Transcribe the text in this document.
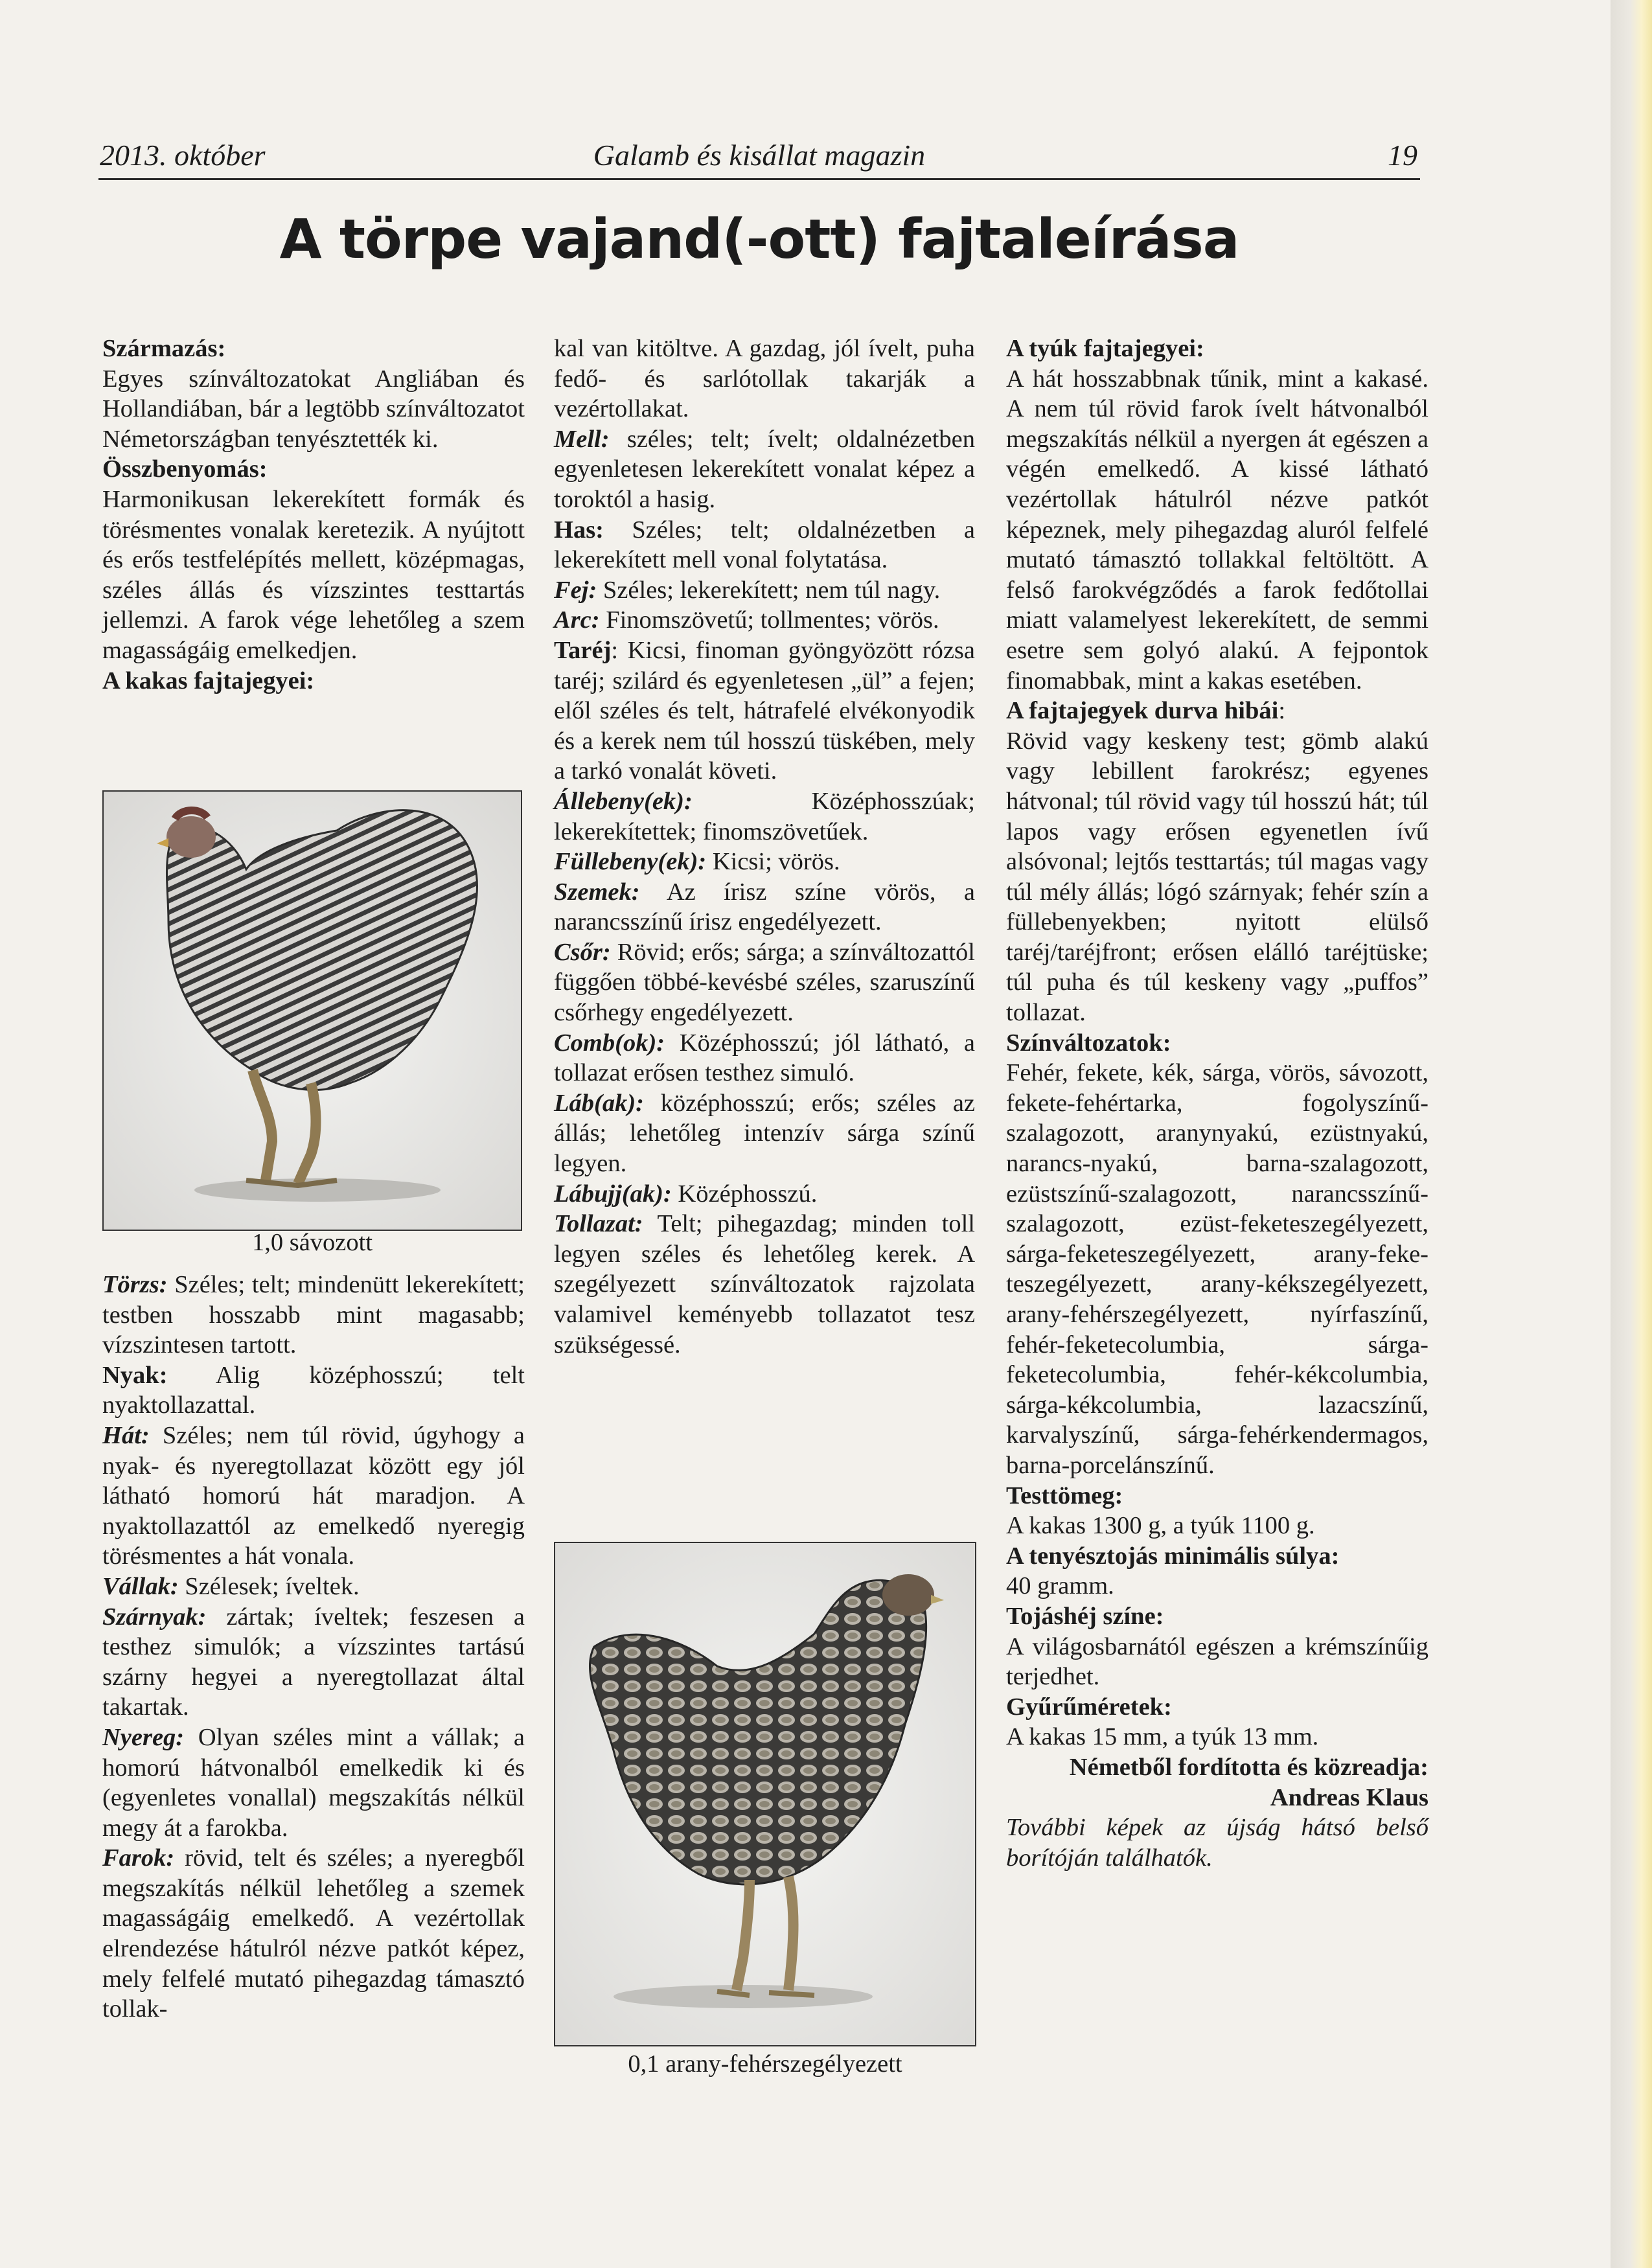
2013. október	Galamb és kisállat magazin	19
A törpe vajand(-ott) fajtaleírása

Származás:

Egyes színváltozatokat Angliában és Hollandiában, bár a legtöbb színváltozatot Németországban tenyésztették ki.

Összbenyomás:

Harmonikusan lekerekített formák és törésmentes vonalak keretezik. A nyújtott és erős testfelépítés mellett, középmagas, széles állás és vízszintes testtartás jellemzi. A farok vége lehetőleg a szem magasságáig emelkedjen.

A kakas fajtajegyei:

1,0 sávozott

Törzs: Széles; telt; mindenütt lekerekített; testben hosszabb mint magasabb; vízszintesen tartott.

Nyak: Alig középhosszú; telt nyaktollazattal.

Hát: Széles; nem túl rövid, úgyhogy a nyak- és nyeregtollazat között egy jól látható homorú hát maradjon. A nyaktollazattól az emelkedő nyeregig törésmentes a hát vonala.

Vállak: Szélesek; íveltek.

Szárnyak: zártak; íveltek; feszesen a testhez simulók; a vízszintes tartású szárny hegyei a nyeregtollazat által takartak.

Nyereg: Olyan széles mint a vállak; a homorú hátvonalból emelkedik ki és (egyenletes vonallal) megszakítás nélkül megy át a farokba.

Farok: rövid, telt és széles; a nyeregből megszakítás nélkül lehetőleg a szemek magasságáig emelkedő. A vezértollak elrendezése hátulról nézve patkót képez, mely felfelé mutató pihegazdag támasztó tollak-

kal van kitöltve. A gazdag, jól ívelt, puha fedő- és sarlótollak takarják a vezértollakat.

Mell: széles; telt; ívelt; oldalnézetben egyenletesen lekerekített vonalat képez a toroktól a hasig.

Has: Széles; telt; oldalnézetben a lekerekített mell vonal folytatása.

Fej: Széles; lekerekített; nem túl nagy.

Arc: Finomszövetű; tollmentes; vörös.

Taréj: Kicsi, finoman gyöngyözött rózsa taréj; szilárd és egyenletesen „ül” a fejen; elől széles és telt, hátrafelé elvékonyodik és a kerek nem túl hosszú tüskében, mely a tarkó vonalát követi.

Állebeny(ek):	Középhosszúak; lekerekítettek; finomszövetűek.

Füllebeny(ek): Kicsi; vörös.

Szemek: Az írisz színe vörös, a narancsszínű írisz engedélyezett.

Csőr: Rövid; erős; sárga; a színváltozattól függően többé-kevésbé széles, szaruszínű csőrhegy engedélyezett.

Comb(ok): Középhosszú; jól látható, a tollazat erősen testhez simuló.

Láb(ak): középhosszú; erős; széles az állás; lehetőleg intenzív sárga színű legyen.

Lábujj(ak): Középhosszú.

Tollazat: Telt; pihegazdag; minden toll legyen széles és lehetőleg kerek. A szegélyezett színváltozatok rajzolata valamivel keményebb tollazatot tesz szükségessé.

0,1 arany-fehérszegélyezett

A tyúk fajtajegyei:

A hát hosszabbnak tűnik, mint a kakasé. A nem túl rövid farok ívelt hátvonalból megszakítás nélkül a nyergen át egészen a végén emelkedő. A kissé látható vezértollak hátulról nézve patkót képeznek, mely pihegazdag aluról felfelé mutató támasztó tollakkal feltöltött. A felső farokvégződés a farok fedőtollai miatt valamelyest lekerekített, de semmi esetre sem golyó alakú. A fejpontok finomabbak, mint a kakas esetében.

A fajtajegyek durva hibái:

Rövid vagy keskeny test; gömb alakú vagy lebillent farokrész; egyenes hátvonal; túl rövid vagy túl hosszú hát; túl lapos vagy erősen egyenetlen ívű alsóvonal; lejtős testtartás; túl magas vagy túl mély állás; lógó szárnyak; fehér szín a füllebenyekben; nyitott elülső taréj/taréjfront; erősen elálló taréjtüske; túl puha és túl keskeny vagy „puffos” tollazat.

Színváltozatok:

Fehér, fekete, kék, sárga, vörös, sávozott, fekete-fehértarka, fogolyszínű-szalagozott, aranynyakú, ezüstnyakú, narancs-nyakú, barna-szalagozott, ezüstszínű-szalagozott, narancsszínű-szalagozott, ezüst-feketeszegélyezett, sárga-feketeszegélyezett, arany-feke-teszegélyezett, arany-kékszegélyezett, arany-fehérszegélyezett, nyírfaszínű, fehér-feketecolumbia, sárga-feketecolumbia, fehér-kékcolumbia, sárga-kékcolumbia, lazacszínű, karvalyszínű, sárga-fehérkendermagos, barna-porcelánszínű.

Testtömeg:

A kakas 1300 g, a tyúk 1100 g.

A tenyésztojás minimális súlya:

40 gramm.

Tojáshéj színe:

A világosbarnától egészen a krémszínűig terjedhet.

Gyűrűméretek:

A kakas 15 mm, a tyúk 13 mm.

Németből fordította és közreadja:

Andreas Klaus

További képek az újság hátsó belső borítóján találhatók.
